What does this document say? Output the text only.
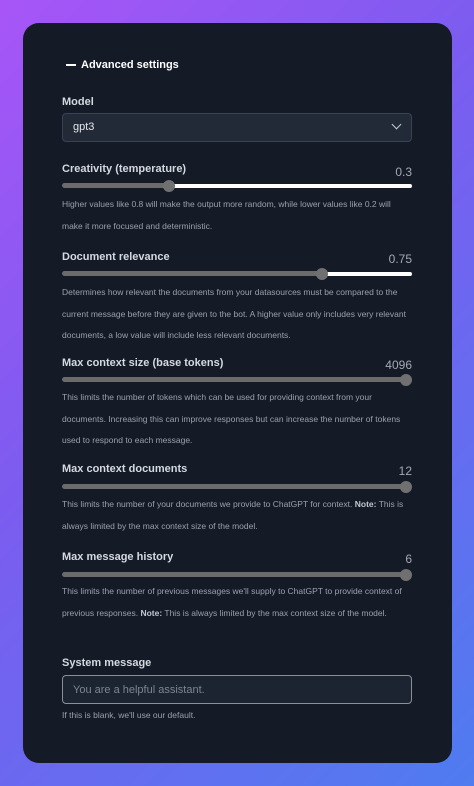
Advanced settings
Model
gpt3
Creativity (temperature)	0.3
Higher values like 0.8 will make the output more random, while lower values like 0.2 will make it more focused and deterministic.
Document relevance	0.75
Determines how relevant the documents from your datasources must be compared to the current message before they are given to the bot. A higher value only includes very relevant documents, a low value will include less relevant documents.
Max context size (base tokens)	4096
This limits the number of tokens which can be used for providing context from your documents. Increasing this can improve responses but can increase the number of tokens used to respond to each message.
Max context documents	12
This limits the number of your documents we provide to ChatGPT for context. Note: This is always limited by the max context size of the model.
Max message history	6
This limits the number of previous messages we'll supply to ChatGPT to provide context of previous responses. Note: This is always limited by the max context size of the model.
System message
You are a helpful assistant.
If this is blank, we'll use our default.
